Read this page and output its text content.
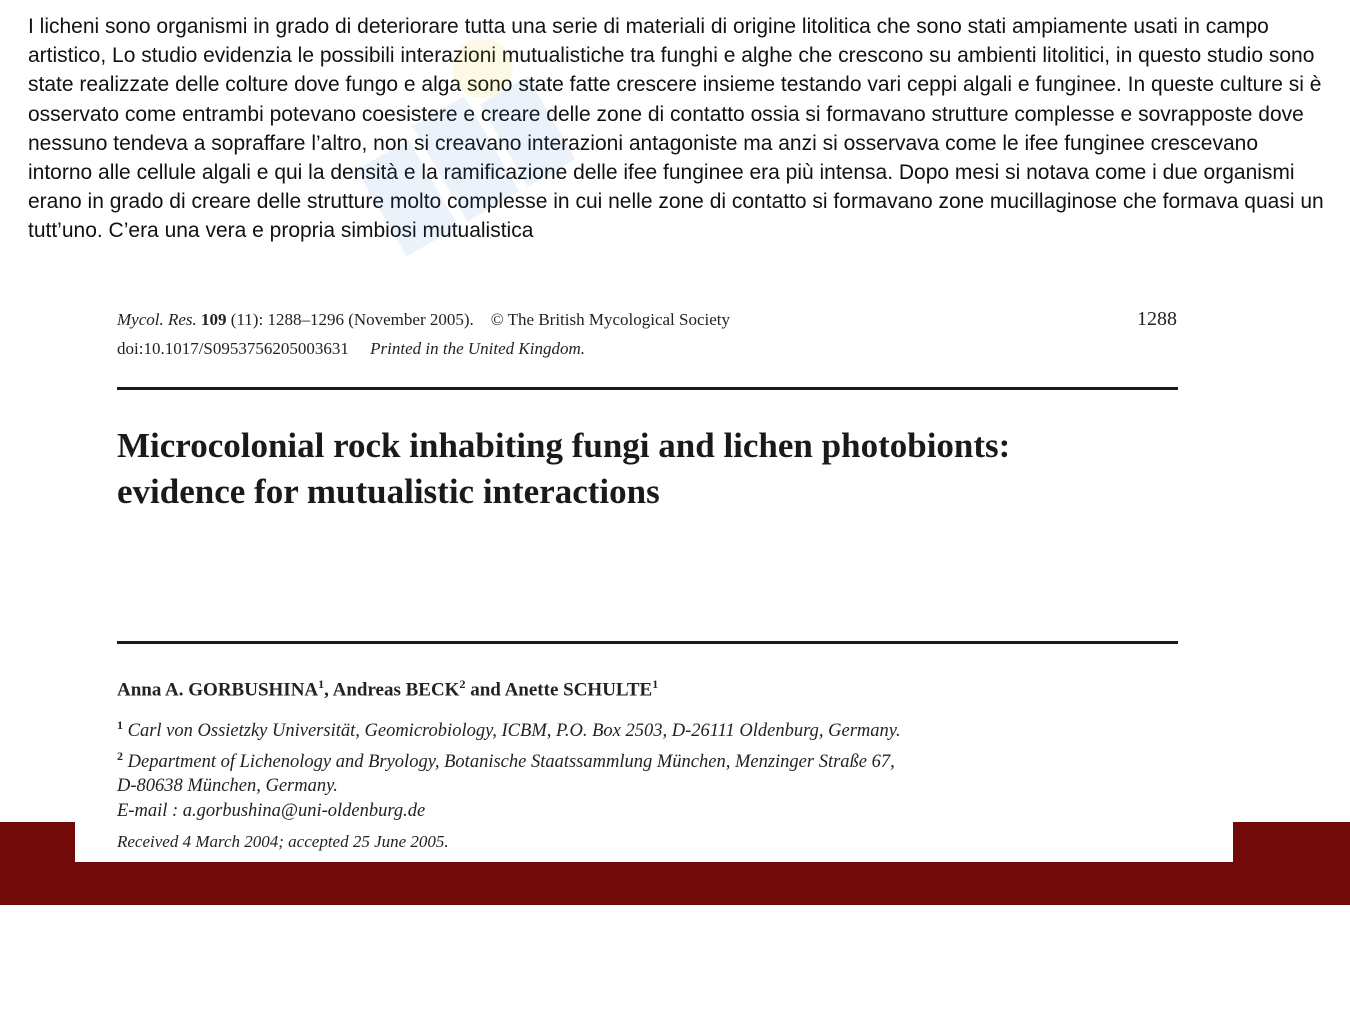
I licheni sono organismi in grado di deteriorare tutta una serie di materiali di origine litolitica che sono stati ampiamente usati in campo artistico, Lo studio evidenzia le possibili interazioni mutualistiche tra funghi e alghe che crescono su ambienti litolitici, in questo studio sono state realizzate delle colture dove fungo e alga sono state fatte crescere insieme testando vari ceppi algali e funginee. In queste culture si è osservato come entrambi potevano coesistere e creare delle zone di contatto ossia si formavano strutture complesse e sovrapposte dove nessuno tendeva a sopraffare l’altro, non si creavano interazioni antagoniste ma anzi si osservava come le ifee funginee crescevano intorno alle cellule algali e qui la densità e la ramificazione delle ifee funginee era più intensa. Dopo mesi si notava come i due organismi erano in grado di creare delle strutture molto complesse in cui nelle zone di contatto si formavano zone mucillaginose che formava quasi un tutt’uno. C’era una vera e propria simbiosi mutualistica

Mycol. Res. 109 (11): 1288–1296 (November 2005). © The British Mycological Society	1288
doi:10.1017/S0953756205003631 Printed in the United Kingdom.
Microcolonial rock inhabiting fungi and lichen photobionts: evidence for mutualistic interactions
Anna A. GORBUSHINA$^1$, Andreas BECK$^2$ and Anette SCHULTE$^1$
$^1$ Carl von Ossietzky Universität, Geomicrobiology, ICBM, P.O. Box 2503, D-26111 Oldenburg, Germany.
$^2$ Department of Lichenology and Bryology, Botanische Staatssammlung München, Menzinger Straße 67,
D-80638 München, Germany.
E-mail : a.gorbushina@uni-oldenburg.de
Received 4 March 2004; accepted 25 June 2005.
